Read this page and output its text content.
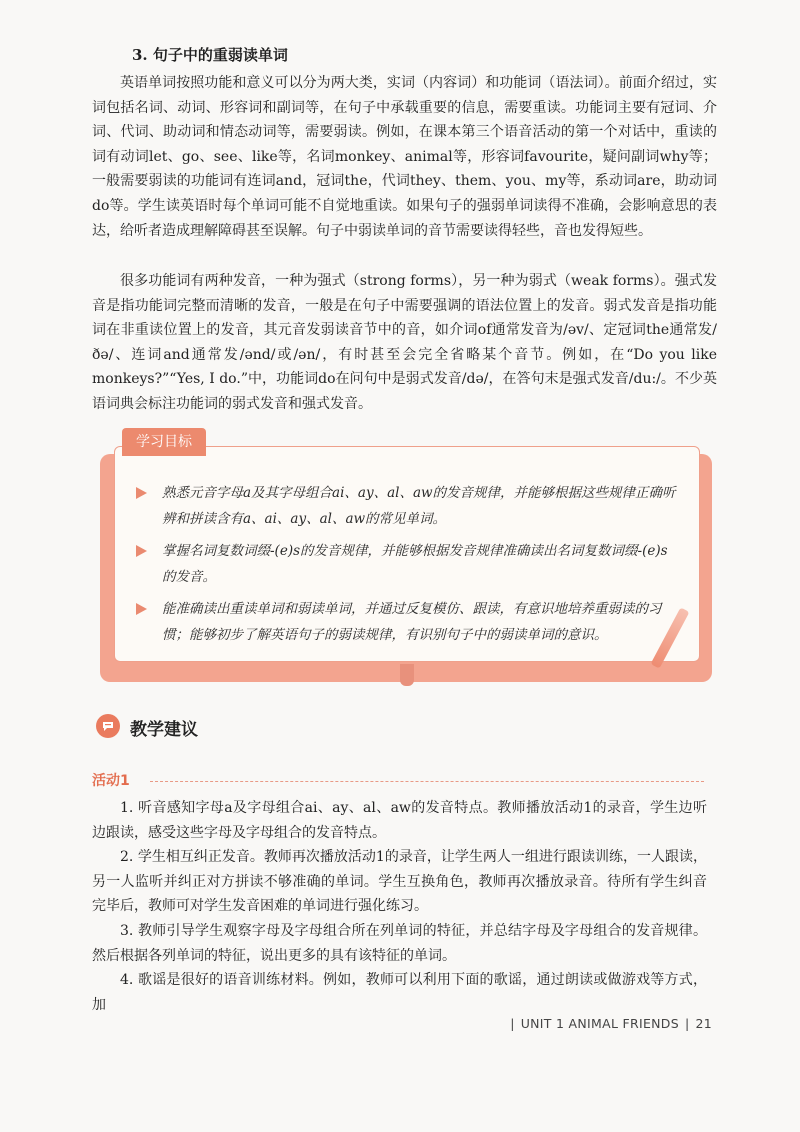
3. 句子中的重弱读单词

英语单词按照功能和意义可以分为两大类，实词（内容词）和功能词（语法词）。前面介绍过，实词包括名词、动词、形容词和副词等，在句子中承载重要的信息，需要重读。功能词主要有冠词、介词、代词、助动词和情态动词等，需要弱读。例如，在课本第三个语音活动的第一个对话中，重读的词有动词let、go、see、like等，名词monkey、animal等，形容词favourite，疑问副词why等；一般需要弱读的功能词有连词and，冠词the，代词they、them、you、my等，系动词are，助动词do等。学生读英语时每个单词可能不自觉地重读。如果句子的强弱单词读得不准确，会影响意思的表达，给听者造成理解障碍甚至误解。句子中弱读单词的音节需要读得轻些，音也发得短些。

很多功能词有两种发音，一种为强式（strong forms），另一种为弱式（weak forms）。强式发音是指功能词完整而清晰的发音，一般是在句子中需要强调的语法位置上的发音。弱式发音是指功能词在非重读位置上的发音，其元音发弱读音节中的音，如介词of通常发音为/əv/、定冠词the通常发/ðə/、连词and通常发/ənd/或/ən/，有时甚至会完全省略某个音节。例如，在“Do you like monkeys?”“Yes, I do.”中，功能词do在问句中是弱式发音/də/，在答句末是强式发音/du:/。不少英语词典会标注功能词的弱式发音和强式发音。

学习目标
熟悉元音字母a及其字母组合ai、ay、al、aw的发音规律，并能够根据这些规律正确听辨和拼读含有a、ai、ay、al、aw的常见单词。
掌握名词复数词缀-(e)s的发音规律，并能够根据发音规律准确读出名词复数词缀-(e)s的发音。
能准确读出重读单词和弱读单词，并通过反复模仿、跟读，有意识地培养重弱读的习惯；能够初步了解英语句子的弱读规律，有识别句子中的弱读单词的意识。
教学建议
活动1

1. 听音感知字母a及字母组合ai、ay、al、aw的发音特点。教师播放活动1的录音，学生边听边跟读，感受这些字母及字母组合的发音特点。

2. 学生相互纠正发音。教师再次播放活动1的录音，让学生两人一组进行跟读训练，一人跟读，另一人监听并纠正对方拼读不够准确的单词。学生互换角色，教师再次播放录音。待所有学生纠音完毕后，教师可对学生发音困难的单词进行强化练习。

3. 教师引导学生观察字母及字母组合所在列单词的特征，并总结字母及字母组合的发音规律。然后根据各列单词的特征，说出更多的具有该特征的单词。

4. 歌谣是很好的语音训练材料。例如，教师可以利用下面的歌谣，通过朗读或做游戏等方式，加

| UNIT 1 ANIMAL FRIENDS | 21
